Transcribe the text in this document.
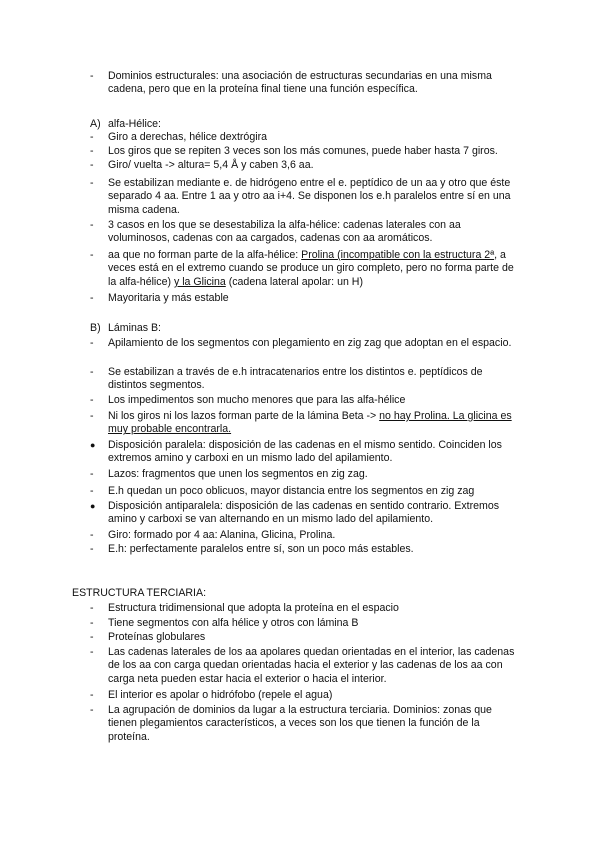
-	Dominios estructurales: una asociación de estructuras secundarias en una misma cadena, pero que en la proteína final tiene una función específica.
A) alfa-Hélice:
-	Giro a derechas, hélice dextrógira
-	Los giros que se repiten 3 veces son los más comunes, puede haber hasta 7 giros.
-	Giro/ vuelta -> altura= 5,4 Å y caben 3,6 aa.
-	Se estabilizan mediante e. de hidrógeno entre el e. peptídico de un aa y otro que éste separado 4 aa. Entre 1 aa y otro aa i+4. Se disponen los e.h paralelos entre sí en una misma cadena.
-	3 casos en los que se desestabiliza la alfa-hélice: cadenas laterales con aa voluminosos, cadenas con aa cargados, cadenas con aa aromáticos.
-	aa que no forman parte de la alfa-hélice: Prolina (incompatible con la estructura 2ª, a veces está en el extremo cuando se produce un giro completo, pero no forma parte de la alfa-hélice) y la Glicina (cadena lateral apolar: un H)
-	Mayoritaria y más estable
B) Láminas B:
-	Apilamiento de los segmentos con plegamiento en zig zag que adoptan en el espacio.
-	Se estabilizan a través de e.h intracatenarios entre los distintos e. peptídicos de distintos segmentos.
-	Los impedimentos son mucho menores que para las alfa-hélice
-	Ni los giros ni los lazos forman parte de la lámina Beta -> no hay Prolina. La glicina es muy probable encontrarla.
●	Disposición paralela: disposición de las cadenas en el mismo sentido. Coinciden los extremos amino y carboxi en un mismo lado del apilamiento.
-	Lazos: fragmentos que unen los segmentos en zig zag.
-	E.h quedan un poco oblicuos, mayor distancia entre los segmentos en zig zag
●	Disposición antiparalela: disposición de las cadenas en sentido contrario. Extremos amino y carboxi se van alternando en un mismo lado del apilamiento.
-	Giro: formado por 4 aa: Alanina, Glicina, Prolina.
-	E.h: perfectamente paralelos entre sí, son un poco más estables.
ESTRUCTURA TERCIARIA:
-	Estructura tridimensional que adopta la proteína en el espacio
-	Tiene segmentos con alfa hélice y otros con lámina B
-	Proteínas globulares
-	Las cadenas laterales de los aa apolares quedan orientadas en el interior, las cadenas de los aa con carga quedan orientadas hacia el exterior y las cadenas de los aa con carga neta pueden estar hacia el exterior o hacia el interior.
-	El interior es apolar o hidrófobo (repele el agua)
-	La agrupación de dominios da lugar a la estructura terciaria. Dominios: zonas que tienen plegamientos característicos, a veces son los que tienen la función de la proteína.
